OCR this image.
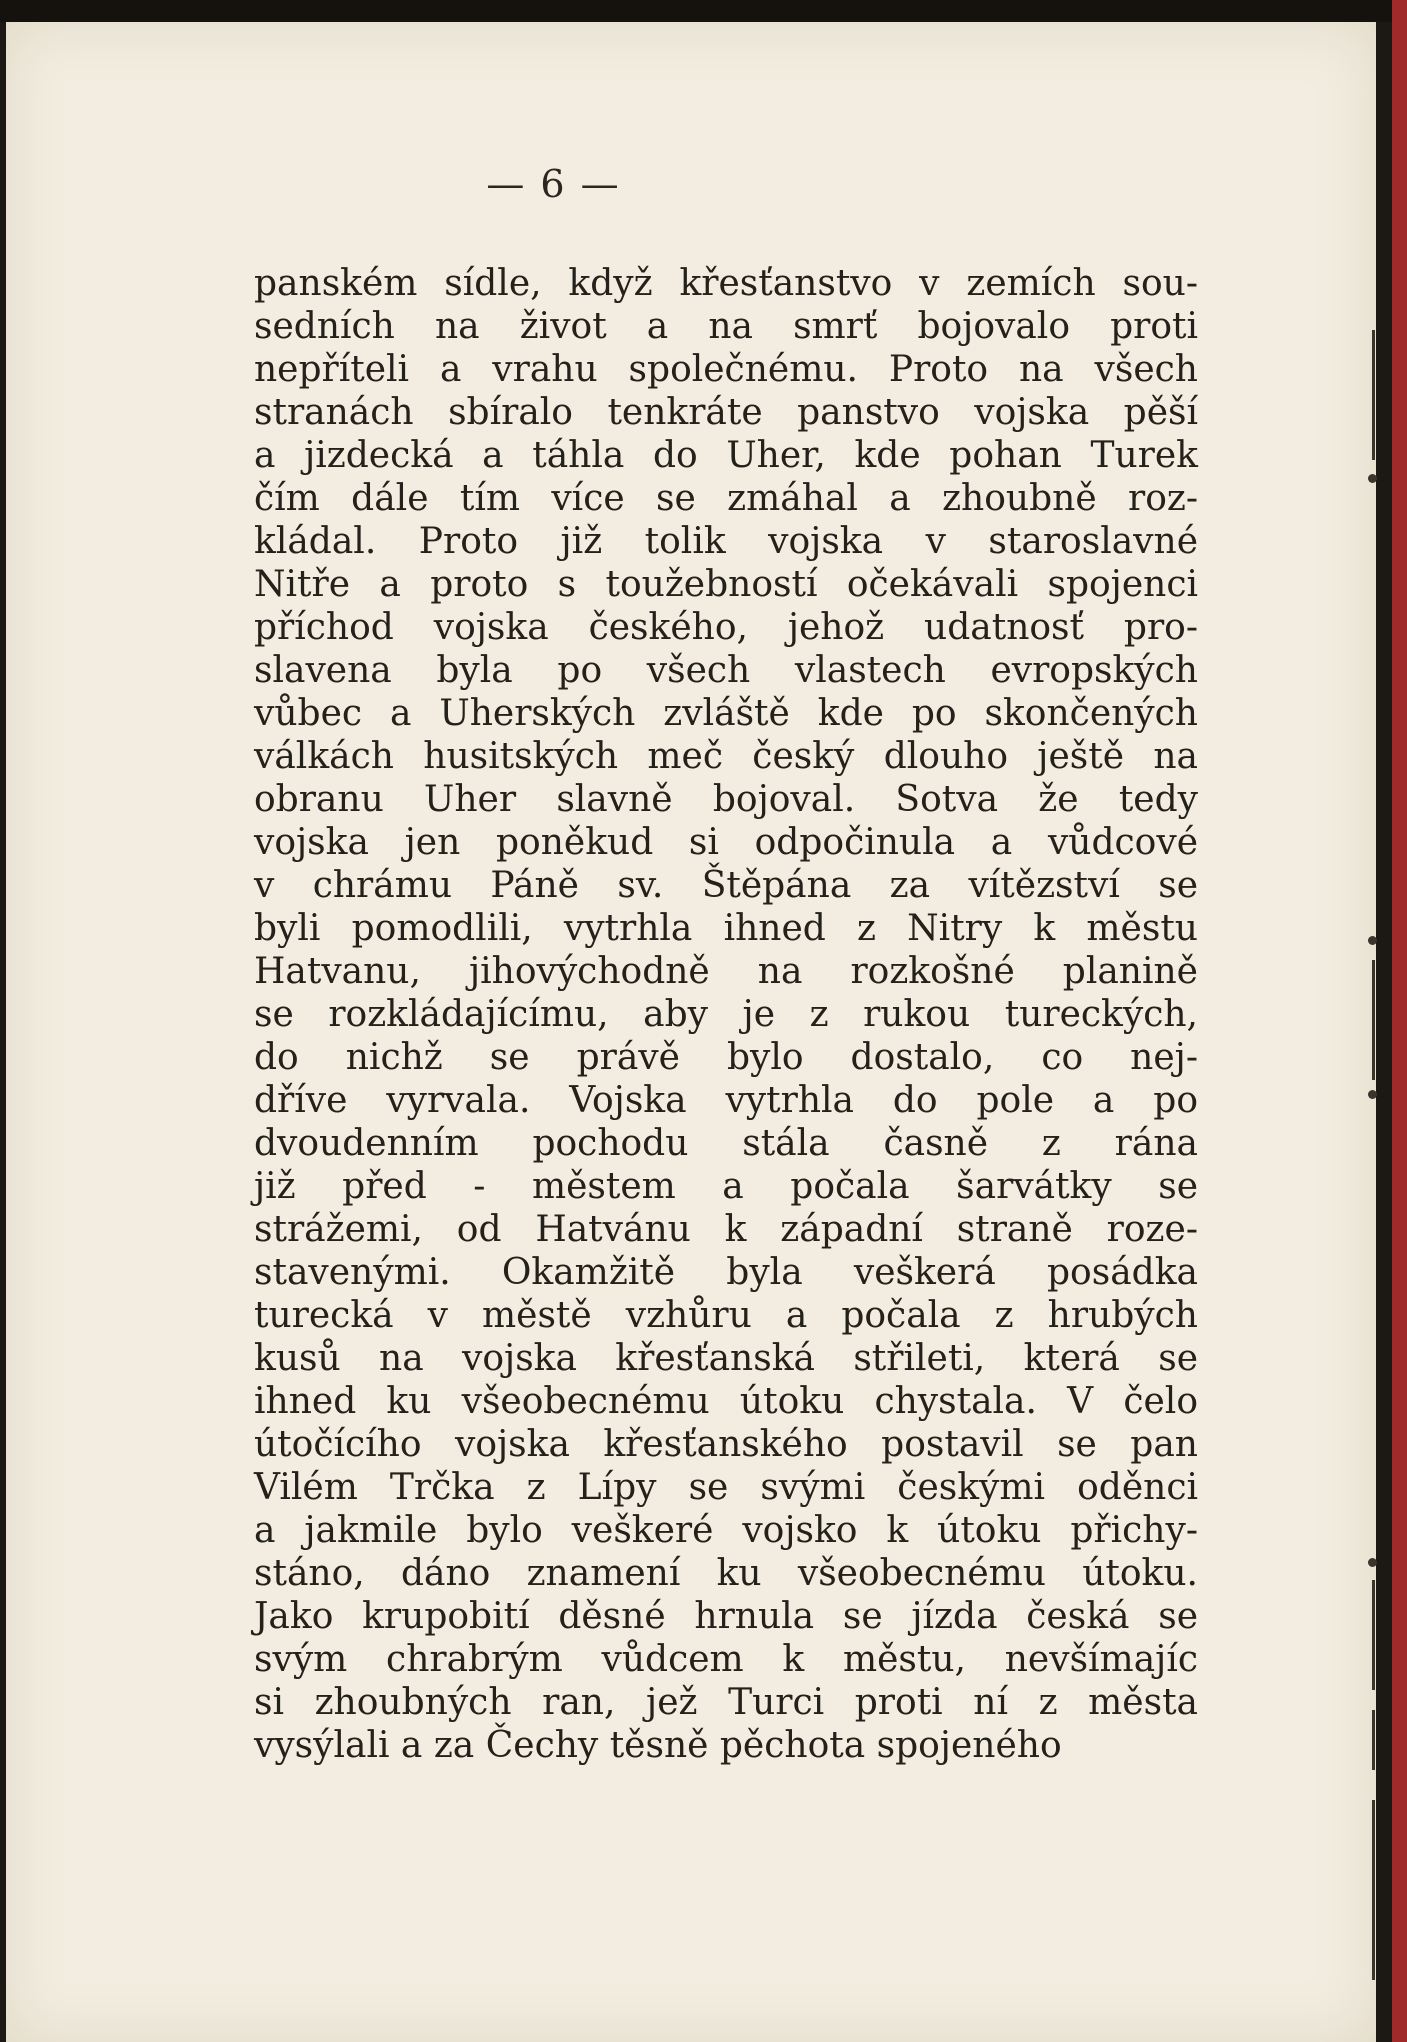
— 6 —
panském sídle, když křesťanstvo v zemích sou-
sedních na život a na smrť bojovalo proti
nepříteli a vrahu společnému. Proto na všech
stranách sbíralo tenkráte panstvo vojska pěší
a jizdecká a táhla do Uher, kde pohan Turek
čím dále tím více se zmáhal a zhoubně roz-
kládal. Proto již tolik vojska v staroslavné
Nitře a proto s toužebností očekávali spojenci
příchod vojska českého, jehož udatnosť pro-
slavena byla po všech vlastech evropských
vůbec a Uherských zvláště kde po skončených
válkách husitských meč český dlouho ještě na
obranu Uher slavně bojoval. Sotva že tedy
vojska jen poněkud si odpočinula a vůdcové
v chrámu Páně sv. Štěpána za vítězství se
byli pomodlili, vytrhla ihned z Nitry k městu
Hatvanu, jihovýchodně na rozkošné planině
se rozkládajícímu, aby je z rukou tureckých,
do nichž se právě bylo dostalo, co nej-
dříve vyrvala. Vojska vytrhla do pole a po
dvoudenním pochodu stála časně z rána
již před - městem a počala šarvátky se
strážemi, od Hatvánu k západní straně roze-
stavenými. Okamžitě byla veškerá posádka
turecká v městě vzhůru a počala z hrubých
kusů na vojska křesťanská střileti, která se
ihned ku všeobecnému útoku chystala. V čelo
útočícího vojska křesťanského postavil se pan
Vilém Trčka z Lípy se svými českými oděnci
a jakmile bylo veškeré vojsko k útoku přichy-
stáno, dáno znamení ku všeobecnému útoku.
Jako krupobití děsné hrnula se jízda česká se
svým chrabrým vůdcem k městu, nevšímajíc
si zhoubných ran, jež Turci proti ní z města
vysýlali a za Čechy těsně pěchota spojeného
